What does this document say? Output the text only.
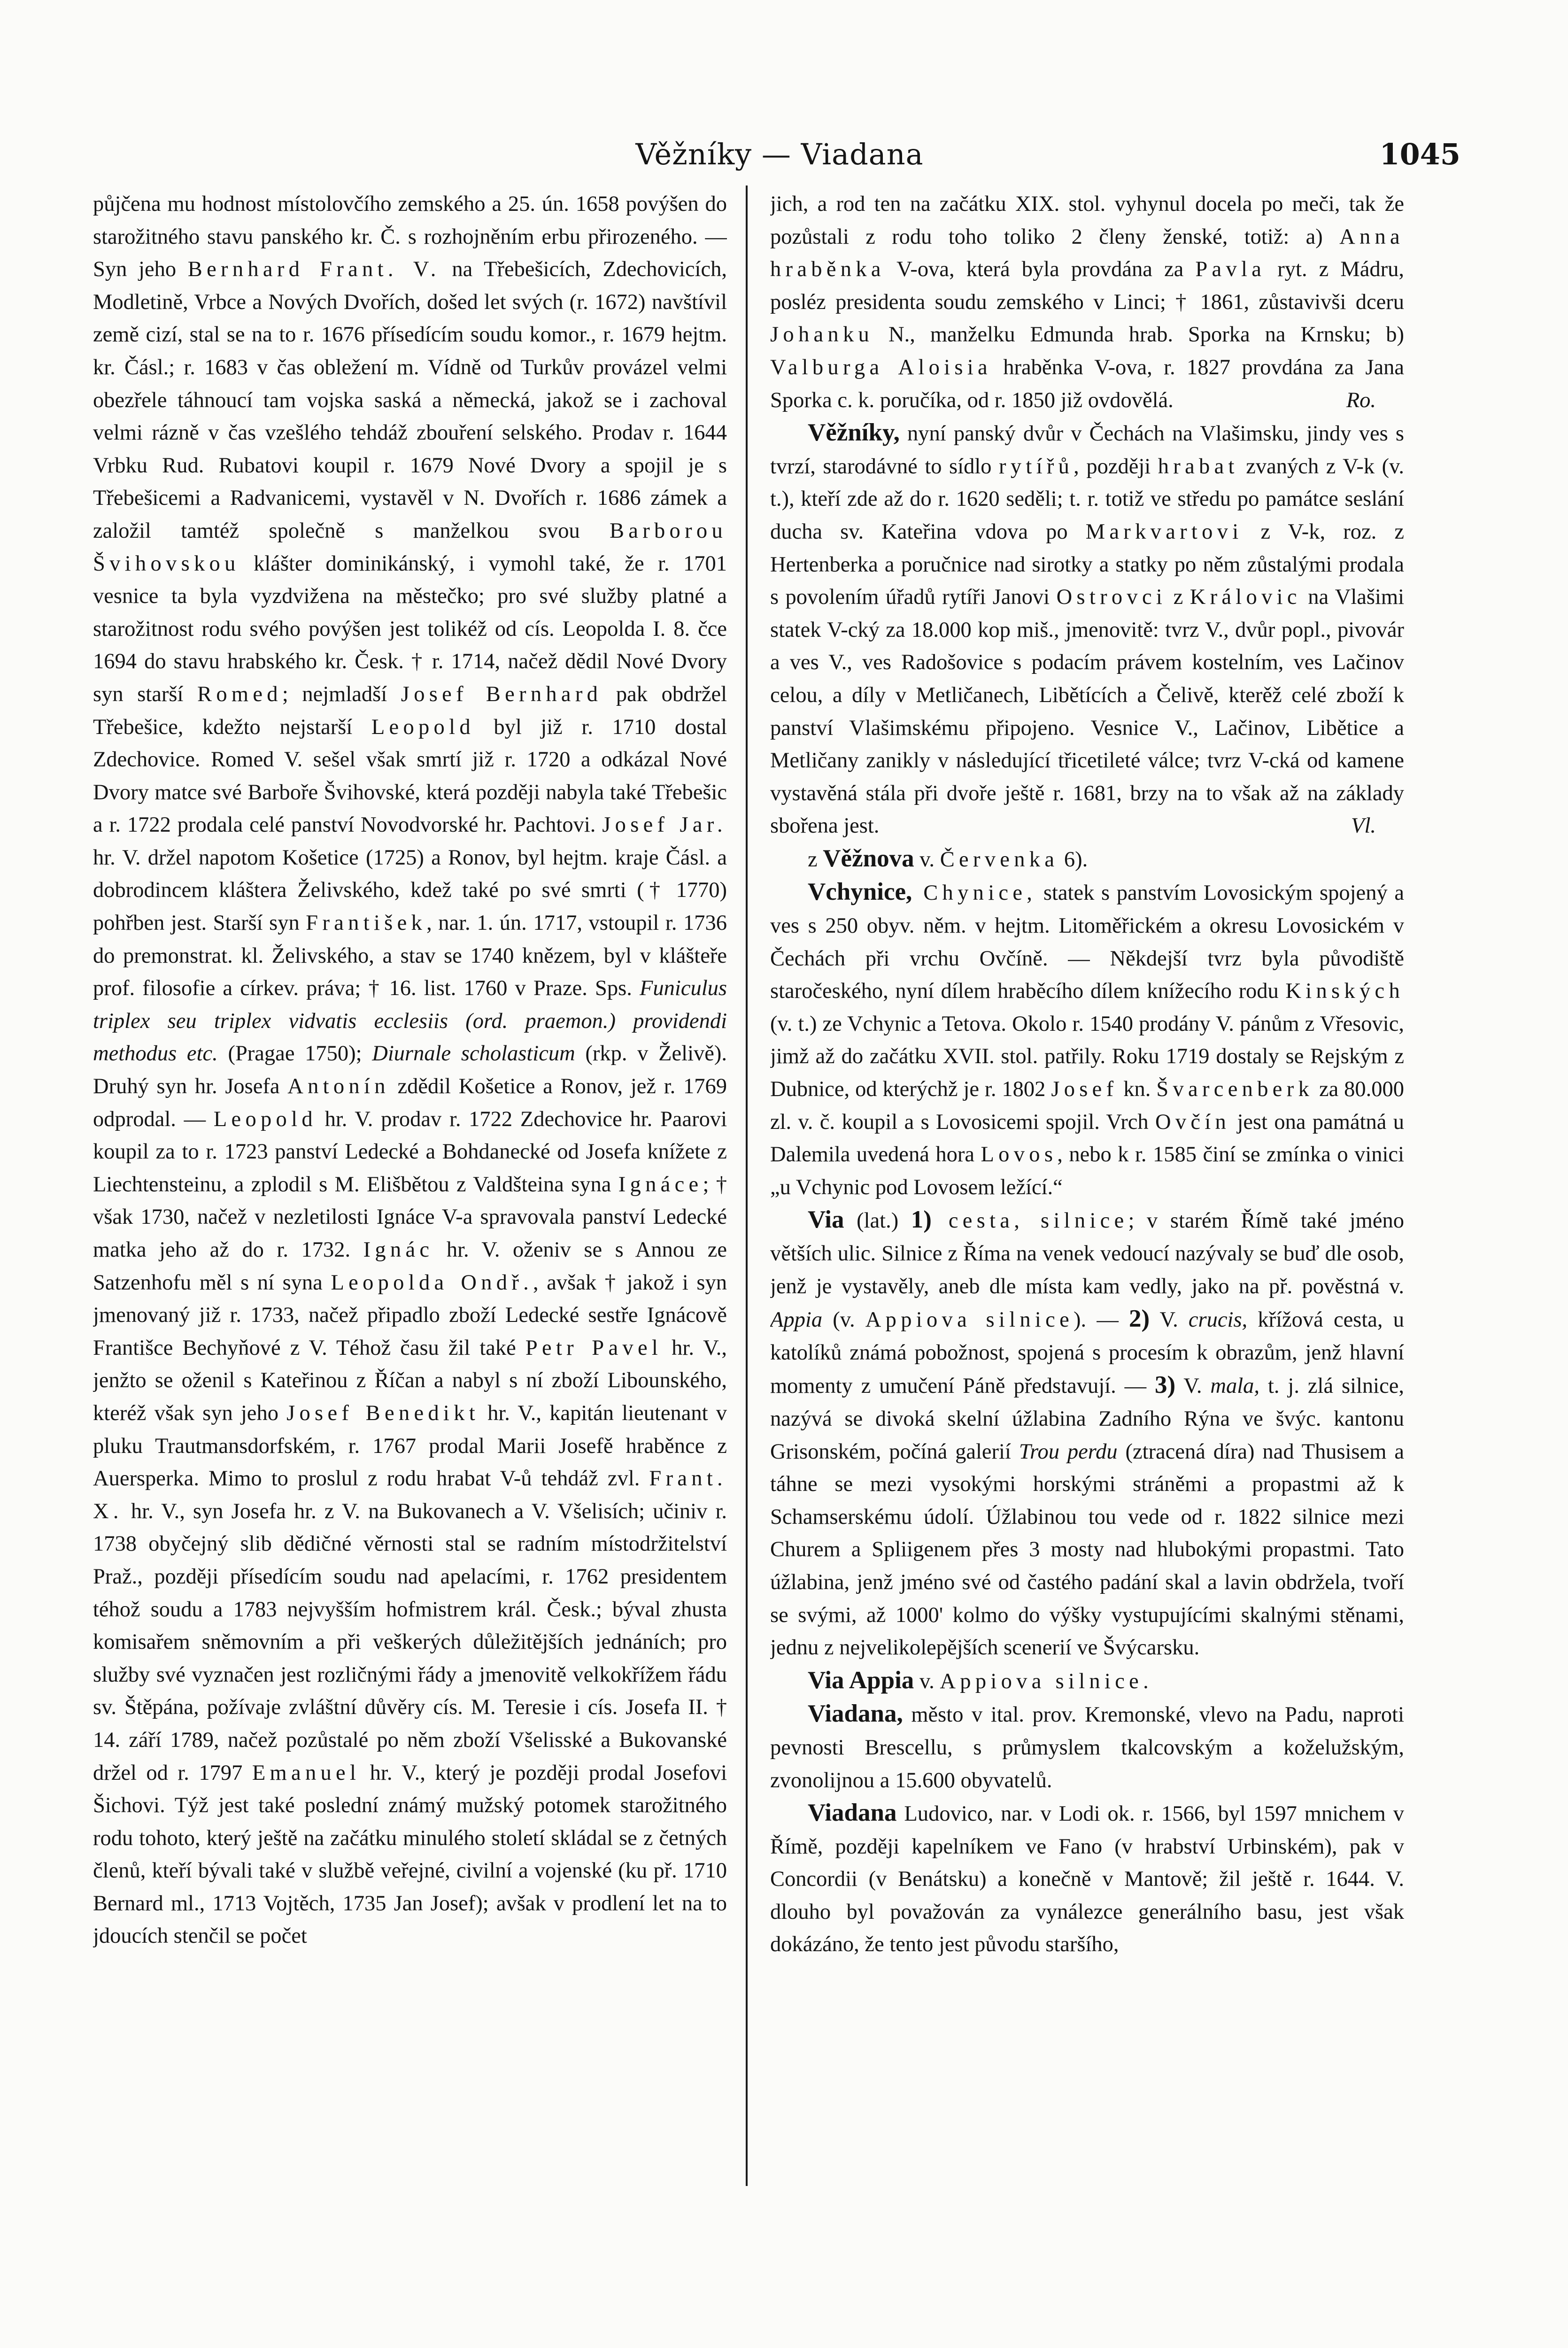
Věžníky — Viadana	1045

půjčena mu hodnost místolovčího zemského a 25. ún. 1658 povýšen do starožitného stavu panského kr. Č. s rozhojněním erbu přirozeného. — Syn jeho Bernhard Frant. V. na Třebešicích, Zdechovicích, Modletině, Vrbce a Nových Dvořích, došed let svých (r. 1672) navštívil země cizí, stal se na to r. 1676 přísedícím soudu komor., r. 1679 hejtm. kr. Čásl.; r. 1683 v čas obležení m. Vídně od Turkův provázel velmi obezřele táhnoucí tam vojska saská a německá, jakož se i zachoval velmi rázně v čas vzešlého tehdáž zbouření selského. Prodav r. 1644 Vrbku Rud. Rubatovi koupil r. 1679 Nové Dvory a spojil je s Třebešicemi a Radvanicemi, vystavěl v N. Dvořích r. 1686 zámek a založil tamtéž společně s manželkou svou Barborou Švihovskou klášter dominikánský, i vymohl také, že r. 1701 vesnice ta byla vyzdvižena na městečko; pro své služby platné a starožitnost rodu svého povýšen jest tolikéž od cís. Leopolda I. 8. čce 1694 do stavu hrabského kr. Česk. † r. 1714, načež dědil Nové Dvory syn starší Romed; nejmladší Josef Bernhard pak obdržel Třebešice, kdežto nejstarší Leopold byl již r. 1710 dostal Zdechovice. Romed V. sešel však smrtí již r. 1720 a odkázal Nové Dvory matce své Barboře Švihovské, která později nabyla také Třebešic a r. 1722 prodala celé panství Novodvorské hr. Pachtovi. Josef Jar. hr. V. držel napotom Košetice (1725) a Ronov, byl hejtm. kraje Čásl. a dobrodincem kláštera Želivského, kdež také po své smrti († 1770) pohřben jest. Starší syn František, nar. 1. ún. 1717, vstoupil r. 1736 do premonstrat. kl. Želivského, a stav se 1740 knězem, byl v klášteře prof. filosofie a církev. práva; † 16. list. 1760 v Praze. Sps. Funiculus triplex seu triplex vidvatis ecclesiis (ord. praemon.) providendi methodus etc. (Pragae 1750); Diurnale scholasticum (rkp. v Želivě). Druhý syn hr. Josefa Antonín zdědil Košetice a Ronov, jež r. 1769 odprodal. — Leopold hr. V. prodav r. 1722 Zdechovice hr. Paarovi koupil za to r. 1723 panství Ledecké a Bohdanecké od Josefa knížete z Liechtensteinu, a zplodil s M. Elišbětou z Valdšteina syna Ignáce; † však 1730, načež v nezletilosti Ignáce V-a spravovala panství Ledecké matka jeho až do r. 1732. Ignác hr. V. oženiv se s Annou ze Satzenhofu měl s ní syna Leopolda Ondř., avšak † jakož i syn jmenovaný již r. 1733, načež připadlo zboží Ledecké sestře Ignácově Františce Bechyňové z V. Téhož času žil také Petr Pavel hr. V., jenžto se oženil s Kateřinou z Říčan a nabyl s ní zboží Libounského, kteréž však syn jeho Josef Benedikt hr. V., kapitán lieutenant v pluku Trautmansdorfském, r. 1767 prodal Marii Josefě hraběnce z Auersperka. Mimo to proslul z rodu hrabat V-ů tehdáž zvl. Frant. X. hr. V., syn Josefa hr. z V. na Bukovanech a V. Všelisích; učiniv r. 1738 obyčejný slib dědičné věrnosti stal se radním místodržitelství Praž., později přísedícím soudu nad apelacími, r. 1762 presidentem téhož soudu a 1783 nejvyšším hofmistrem král. Česk.; býval zhusta komisařem sněmovním a při veškerých důležitějších jednáních; pro služby své vyznačen jest rozličnými řády a jmenovitě velkokřížem řádu sv. Štěpána, požívaje zvláštní důvěry cís. M. Teresie i cís. Josefa II. † 14. září 1789, načež pozůstalé po něm zboží Všelisské a Bukovanské držel od r. 1797 Emanuel hr. V., který je později prodal Josefovi Šichovi. Týž jest také poslední známý mužský potomek starožitného rodu tohoto, který ještě na začátku minulého století skládal se z četných členů, kteří bývali také v službě veřejné, civilní a vojenské (ku př. 1710 Bernard ml., 1713 Vojtěch, 1735 Jan Josef); avšak v prodlení let na to jdoucích stenčil se počet

jich, a rod ten na začátku XIX. stol. vyhynul docela po meči, tak že pozůstali z rodu toho toliko 2 členy ženské, totiž: a) Anna hraběnka V-ova, která byla provdána za Pavla ryt. z Mádru, posléz presidenta soudu zemského v Linci; † 1861, zůstavivši dceru Johanku N., manželku Edmunda hrab. Sporka na Krnsku; b) Valburga Aloisia hraběnka V-ova, r. 1827 provdána za Jana Sporka c. k. poručíka, od r. 1850 již ovdovělá.	Ro.

Věžníky, nyní panský dvůr v Čechách na Vlašimsku, jindy ves s tvrzí, starodávné to sídlo rytířů, později hrabat zvaných z V-k (v. t.), kteří zde až do r. 1620 seděli; t. r. totiž ve středu po památce seslání ducha sv. Kateřina vdova po Markvartovi z V-k, roz. z Hertenberka a poručnice nad sirotky a statky po něm zůstalými prodala s povolením úřadů rytíři Janovi Ostrovci z Královic na Vlašimi statek V-cký za 18.000 kop miš., jmenovitě: tvrz V., dvůr popl., pivovár a ves V., ves Radošovice s podacím právem kostelním, ves Lačinov celou, a díly v Metličanech, Libětících a Čelivě, kterěž celé zboží k panství Vlašimskému připojeno. Vesnice V., Lačinov, Libětice a Metličany zanikly v následující třicetileté válce; tvrz V-cká od kamene vystavěná stála při dvoře ještě r. 1681, brzy na to však až na základy sbořena jest.	Vl.

z Věžnova v. Červenka 6).

Vchynice, Chynice, statek s panstvím Lovosickým spojený a ves s 250 obyv. něm. v hejtm. Litoměřickém a okresu Lovosickém v Čechách při vrchu Ovčíně. — Někdejší tvrz byla původiště staročeského, nyní dílem hraběcího dílem knížecího rodu Kinských (v. t.) ze Vchynic a Tetova. Okolo r. 1540 prodány V. pánům z Vřesovic, jimž až do začátku XVII. stol. patřily. Roku 1719 dostaly se Rejským z Dubnice, od kterýchž je r. 1802 Josef kn. Švarcenberk za 80.000 zl. v. č. koupil a s Lovosicemi spojil. Vrch Ovčín jest ona památná u Dalemila uvedená hora Lovos, nebo k r. 1585 činí se zmínka o vinici „u Vchynic pod Lovosem ležící.“

Via (lat.) 1) cesta, silnice; v starém Římě také jméno větších ulic. Silnice z Říma na venek vedoucí nazývaly se buď dle osob, jenž je vystavěly, aneb dle místa kam vedly, jako na př. pověstná v. Appia (v. Appiova silnice). — 2) V. crucis, křížová cesta, u katolíků známá pobožnost, spojená s procesím k obrazům, jenž hlavní momenty z umučení Páně představují. — 3) V. mala, t. j. zlá silnice, nazývá se divoká skelní úžlabina Zadního Rýna ve švýc. kantonu Grisonském, počíná galerií Trou perdu (ztracená díra) nad Thusisem a táhne se mezi vysokými horskými stráněmi a propastmi až k Schamserskému údolí. Úžlabinou tou vede od r. 1822 silnice mezi Churem a Spliigenem přes 3 mosty nad hlubokými propastmi. Tato úžlabina, jenž jméno své od častého padání skal a lavin obdržela, tvoří se svými, až 1000' kolmo do výšky vystupujícími skalnými stěnami, jednu z nejvelikolepějších scenerií ve Švýcarsku.

Via Appia v. Appiova silnice.

Viadana, město v ital. prov. Kremonské, vlevo na Padu, naproti pevnosti Brescellu, s průmyslem tkalcovským a koželužským, zvonolijnou a 15.600 obyvatelů.

Viadana Ludovico, nar. v Lodi ok. r. 1566, byl 1597 mnichem v Římě, později kapelníkem ve Fano (v hrabství Urbinském), pak v Concordii (v Benátsku) a konečně v Mantově; žil ještě r. 1644. V. dlouho byl považován za vynálezce generálního basu, jest však dokázáno, že tento jest původu staršího,
